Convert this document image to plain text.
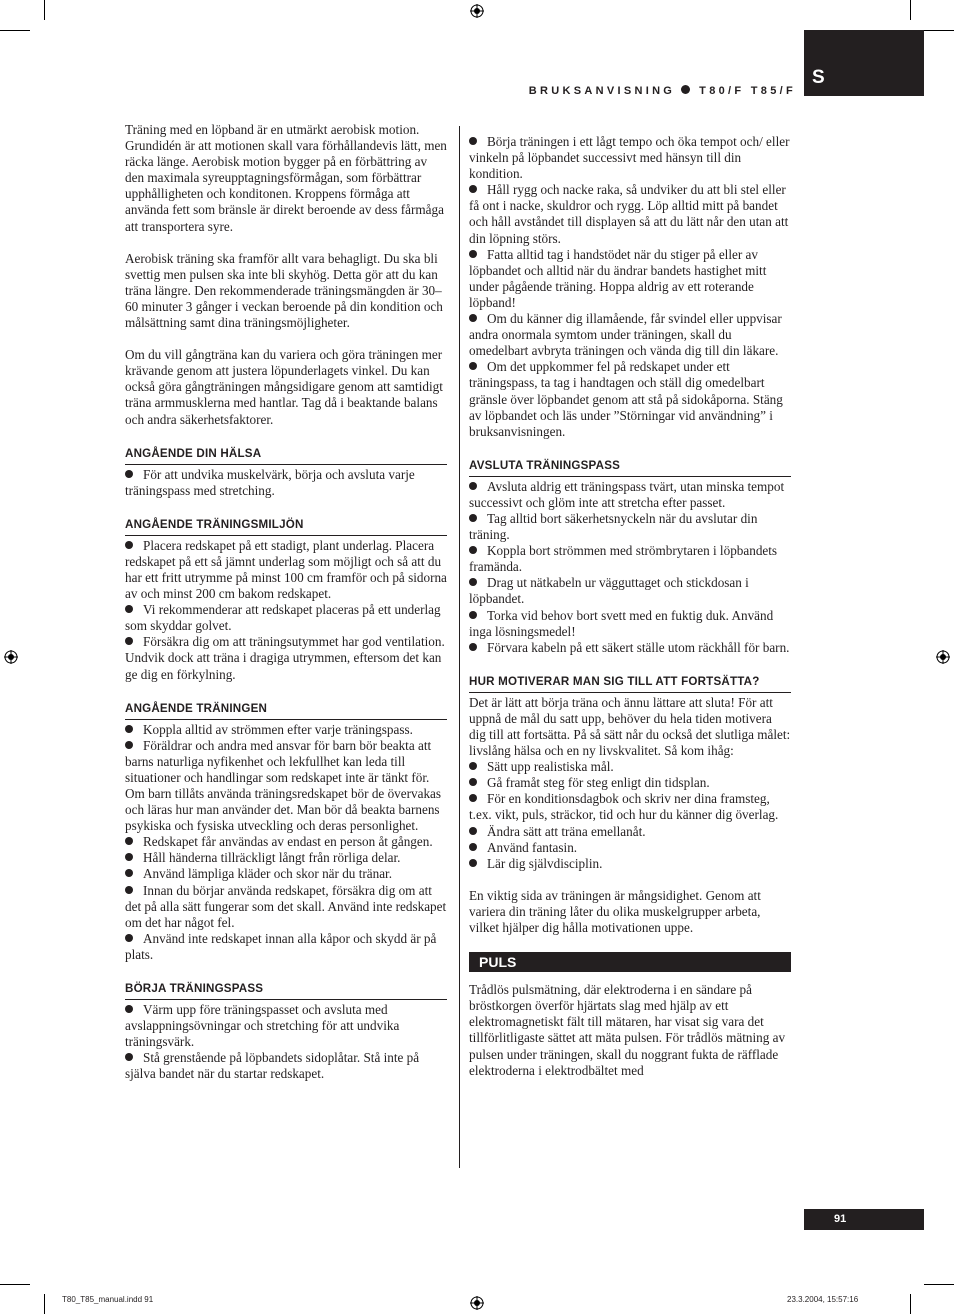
S
BRUKSANVISNING T80/F T85/F

Träning med en löpband är en utmärkt aerobisk motion. Grundidén är att motionen skall vara förhållandevis lätt, men räcka länge. Aerobisk motion bygger på en förbättring av den maximala syreupptagningsförmågan, som förbättrar upphålligheten och konditonen. Kroppens förmåga att använda fett som bränsle är direkt beroende av dess fårmåga att transportera syre.

Aerobisk träning ska framför allt vara behagligt. Du ska bli svettig men pulsen ska inte bli skyhög. Detta gör att du kan träna längre. Den rekommenderade träningsmängden är 30–60 minuter 3 gånger i veckan beroende på din kondition och målsättning samt dina träningsmöjligheter.

Om du vill gångträna kan du variera och göra träningen mer krävande genom att justera löpunderlagets vinkel. Du kan också göra gångträningen mångsidigare genom att samtidigt träna armmusklerna med hantlar. Tag då i beaktande balans och andra säkerhetsfaktorer.

ANGÅENDE DIN HÄLSA

För att undvika muskelvärk, börja och avsluta varje träningspass med stretching.

ANGÅENDE TRÄNINGSMILJÖN

Placera redskapet på ett stadigt, plant underlag. Placera redskapet på ett så jämnt underlag som möjligt och så att du har ett fritt utrymme på minst 100 cm framför och på sidorna av och minst 200 cm bakom redskapet.

Vi rekommenderar att redskapet placeras på ett underlag som skyddar golvet.

Försäkra dig om att träningsutymmet har god ventilation. Undvik dock att träna i dragiga utrymmen, eftersom det kan ge dig en förkylning.

ANGÅENDE TRÄNINGEN

Koppla alltid av strömmen efter varje träningspass.

Föräldrar och andra med ansvar för barn bör beakta att barns naturliga nyfikenhet och lekfullhet kan leda till situationer och handlingar som redskapet inte är tänkt för. Om barn tillåts använda träningsredskapet bör de övervakas och läras hur man använder det. Man bör då beakta barnens psykiska och fysiska utveckling och deras personlighet.

Redskapet får användas av endast en person åt gången.

Håll händerna tillräckligt långt från rörliga delar.

Använd lämpliga kläder och skor när du tränar.

Innan du börjar använda redskapet, försäkra dig om att det på alla sätt fungerar som det skall. Använd inte redskapet om det har något fel.

Använd inte redskapet innan alla kåpor och skydd är på plats.

BÖRJA TRÄNINGSPASS

Värm upp före träningspasset och avsluta med avslappningsövningar och stretching för att undvika träningsvärk.

Stå grenstående på löpbandets sidoplåtar. Stå inte på själva bandet när du startar redskapet.

Börja träningen i ett lågt tempo och öka tempot och/ eller vinkeln på löpbandet successivt med hänsyn till din kondition.

Håll rygg och nacke raka, så undviker du att bli stel eller få ont i nacke, skuldror och rygg. Löp alltid mitt på bandet och håll avståndet till displayen så att du lätt når den utan att din löpning störs.

Fatta alltid tag i handstödet när du stiger på eller av löpbandet och alltid när du ändrar bandets hastighet mitt under pågående träning. Hoppa aldrig av ett roterande löpband!

Om du känner dig illamående, får svindel eller uppvisar andra onormala symtom under träningen, skall du omedelbart avbryta träningen och vända dig till din läkare.

Om det uppkommer fel på redskapet under ett träningspass, ta tag i handtagen och ställ dig omedelbart gränsle över löpbandet genom att stå på sidokåporna. Stäng av löpbandet och läs under ”Störningar vid användning” i bruksanvisningen.

AVSLUTA TRÄNINGSPASS

Avsluta aldrig ett träningspass tvärt, utan minska tempot successivt och glöm inte att stretcha efter passet.

Tag alltid bort säkerhetsnyckeln när du avslutar din träning.

Koppla bort strömmen med strömbrytaren i löpbandets framända.

Drag ut nätkabeln ur vägguttaget och stickdosan i löpbandet.

Torka vid behov bort svett med en fuktig duk. Använd inga lösningsmedel!

Förvara kabeln på ett säkert ställe utom räckhåll för barn.

HUR MOTIVERAR MAN SIG TILL ATT FORTSÄTTA?

Det är lätt att börja träna och ännu lättare att sluta! För att uppnå de mål du satt upp, behöver du hela tiden motivera dig till att fortsätta. På så sätt når du också det slutliga målet: livslång hälsa och en ny livskvalitet. Så kom ihåg:

Sätt upp realistiska mål.

Gå framåt steg för steg enligt din tidsplan.

För en konditionsdagbok och skriv ner dina framsteg, t.ex. vikt, puls, sträckor, tid och hur du känner dig överlag.

Ändra sätt att träna emellanåt.

Använd fantasin.

Lär dig självdisciplin.

En viktig sida av träningen är mångsidighet. Genom att variera din träning låter du olika muskelgrupper arbeta, vilket hjälper dig hålla motivationen uppe.

PULS

Trådlös pulsmätning, där elektroderna i en sändare på bröstkorgen överför hjärtats slag med hjälp av ett elektromagnetiskt fält till mätaren, har visat sig vara det tillförlitligaste sättet att mäta pulsen. För trådlös mätning av pulsen under träningen, skall du noggrant fukta de räfflade elektroderna i elektrodbältet med

91
T80_T85_manual.indd 91	23.3.2004, 15:57:16
